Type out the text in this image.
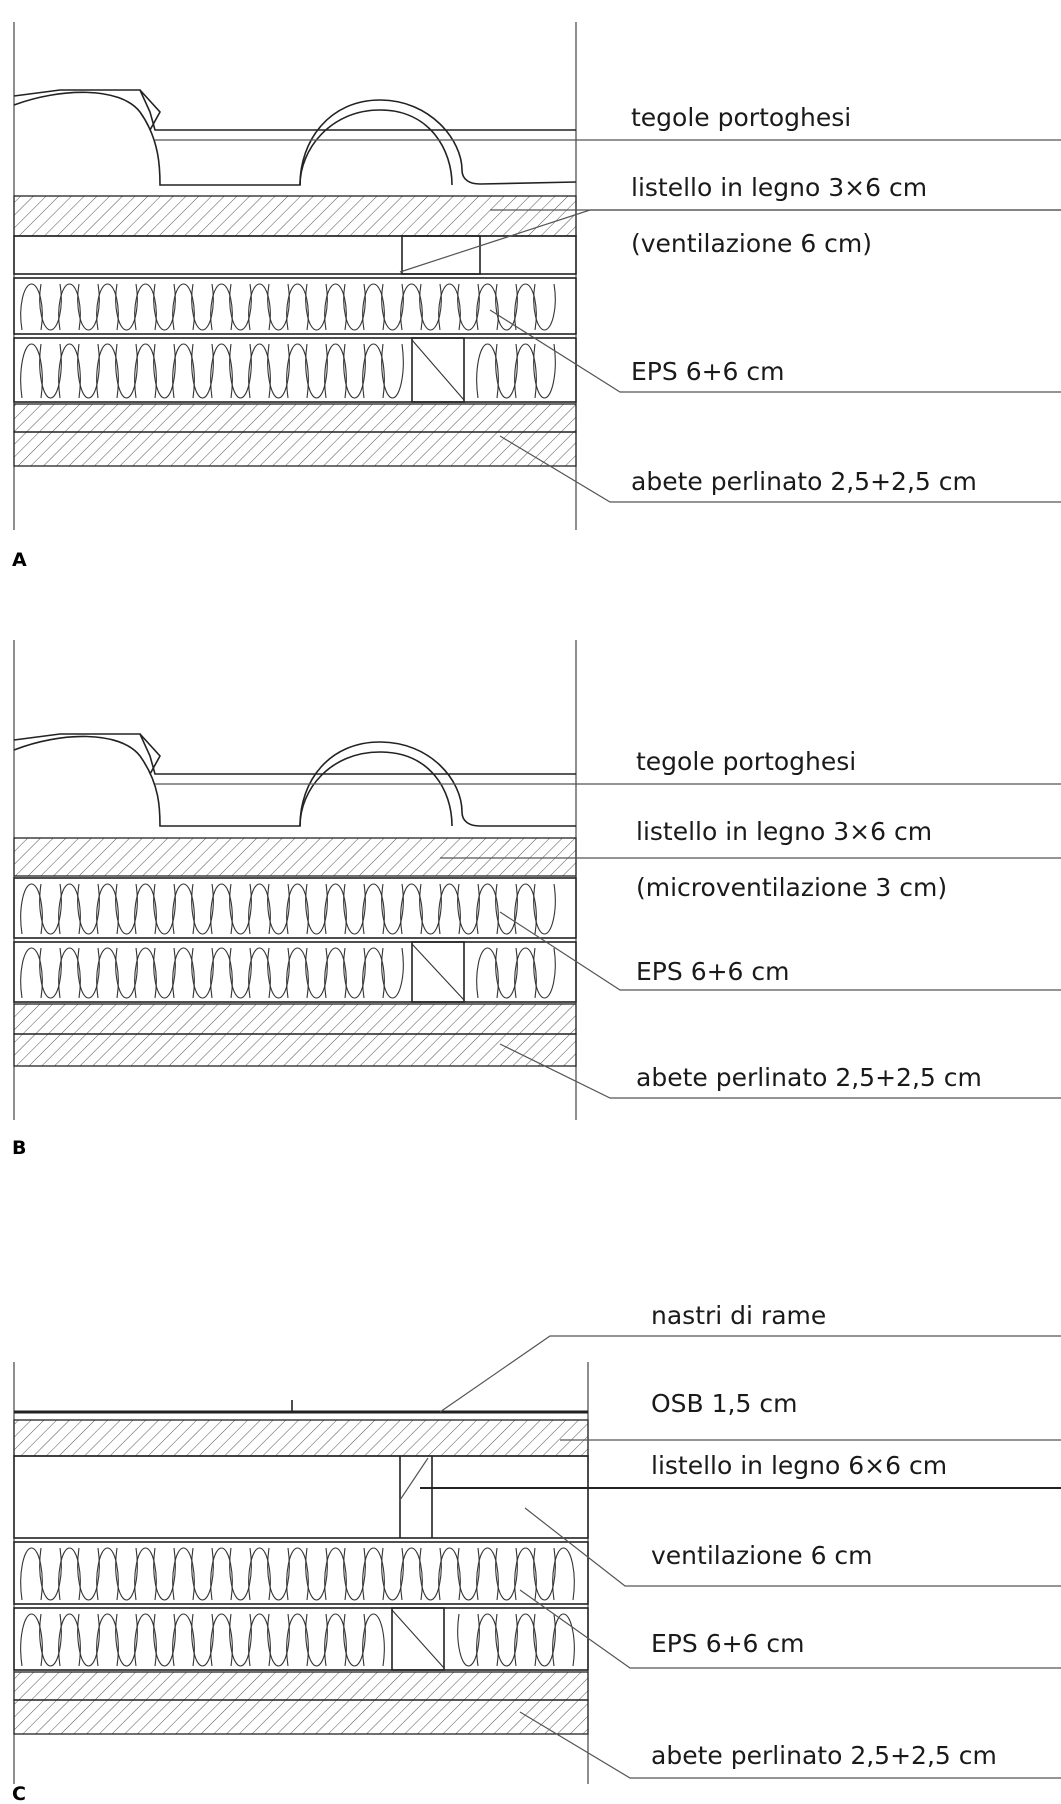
tegole portoghesi
listello in legno 3×6 cm
(ventilazione 6 cm)
EPS 6+6 cm
abete perlinato 2,5+2,5 cm
A
tegole portoghesi
listello in legno 3×6 cm
(microventilazione 3 cm)
EPS 6+6 cm
abete perlinato 2,5+2,5 cm
B
nastri di rame
OSB 1,5 cm
listello in legno 6×6 cm
ventilazione 6 cm
EPS 6+6 cm
abete perlinato 2,5+2,5 cm
C
